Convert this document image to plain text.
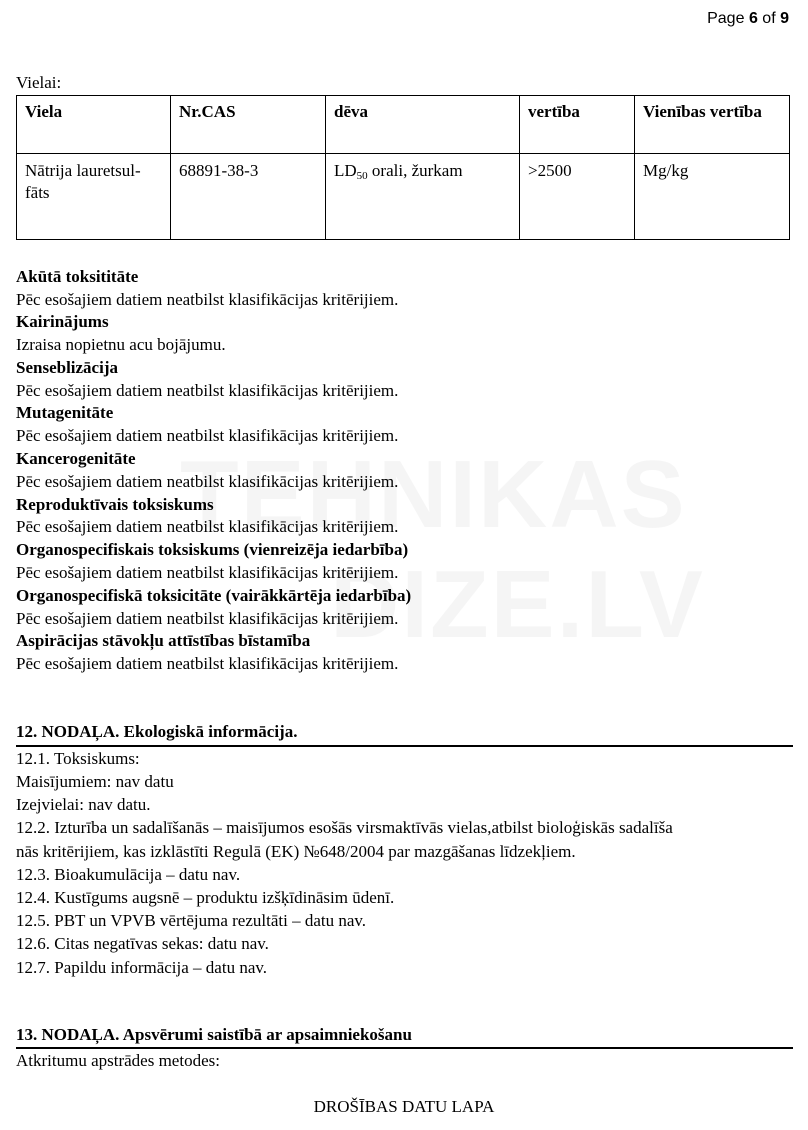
Page 6 of 9
Vielai:
Viela	Nr.CAS	dēva	vertība	Vienības vertība
Nātrija lauretsul-fāts	68891-38-3	$LD_{50}$ orali, žurkam	>2500	Mg/kg
Akūtā toksititāte
Pēc esošajiem datiem neatbilst klasifikācijas kritērijiem.
Kairinājums
Izraisa nopietnu acu bojājumu.
Senseblizācija
Pēc esošajiem datiem neatbilst klasifikācijas kritērijiem.
Mutagenitāte
Pēc esošajiem datiem neatbilst klasifikācijas kritērijiem.
Kancerogenitāte
Pēc esošajiem datiem neatbilst klasifikācijas kritērijiem.
Reproduktīvais toksiskums
Pēc esošajiem datiem neatbilst klasifikācijas kritērijiem.
Organospecifiskais toksiskums (vienreizēja iedarbība)
Pēc esošajiem datiem neatbilst klasifikācijas kritērijiem.
Organospecifiskā toksicitāte (vairākkārtēja iedarbība)
Pēc esošajiem datiem neatbilst klasifikācijas kritērijiem.
Aspirācijas stāvokļu attīstības bīstamība
Pēc esošajiem datiem neatbilst klasifikācijas kritērijiem.
12. NODAĻA. Ekologiskā informācija.
12.1. Toksiskums:
Maisījumiem: nav datu
Izejvielai: nav datu.
12.2. Izturība un sadalīšanās – maisījumos esošās virsmaktīvās vielas,atbilst bioloģiskās sadalīša
nās kritērijiem, kas izklāstīti Regulā (EK) №648/2004 par mazgāšanas līdzekļiem.
12.3. Bioakumulācija – datu nav.
12.4. Kustīgums augsnē – produktu izšķīdināsim ūdenī.
12.5. PBT un VPVB vērtējuma rezultāti – datu nav.
12.6. Citas negatīvas sekas: datu nav.
12.7. Papildu informācija – datu nav.
13. NODAĻA. Apsvērumi saistībā ar apsaimniekošanu
Atkritumu apstrādes metodes:
DROŠĪBAS DATU LAPA
